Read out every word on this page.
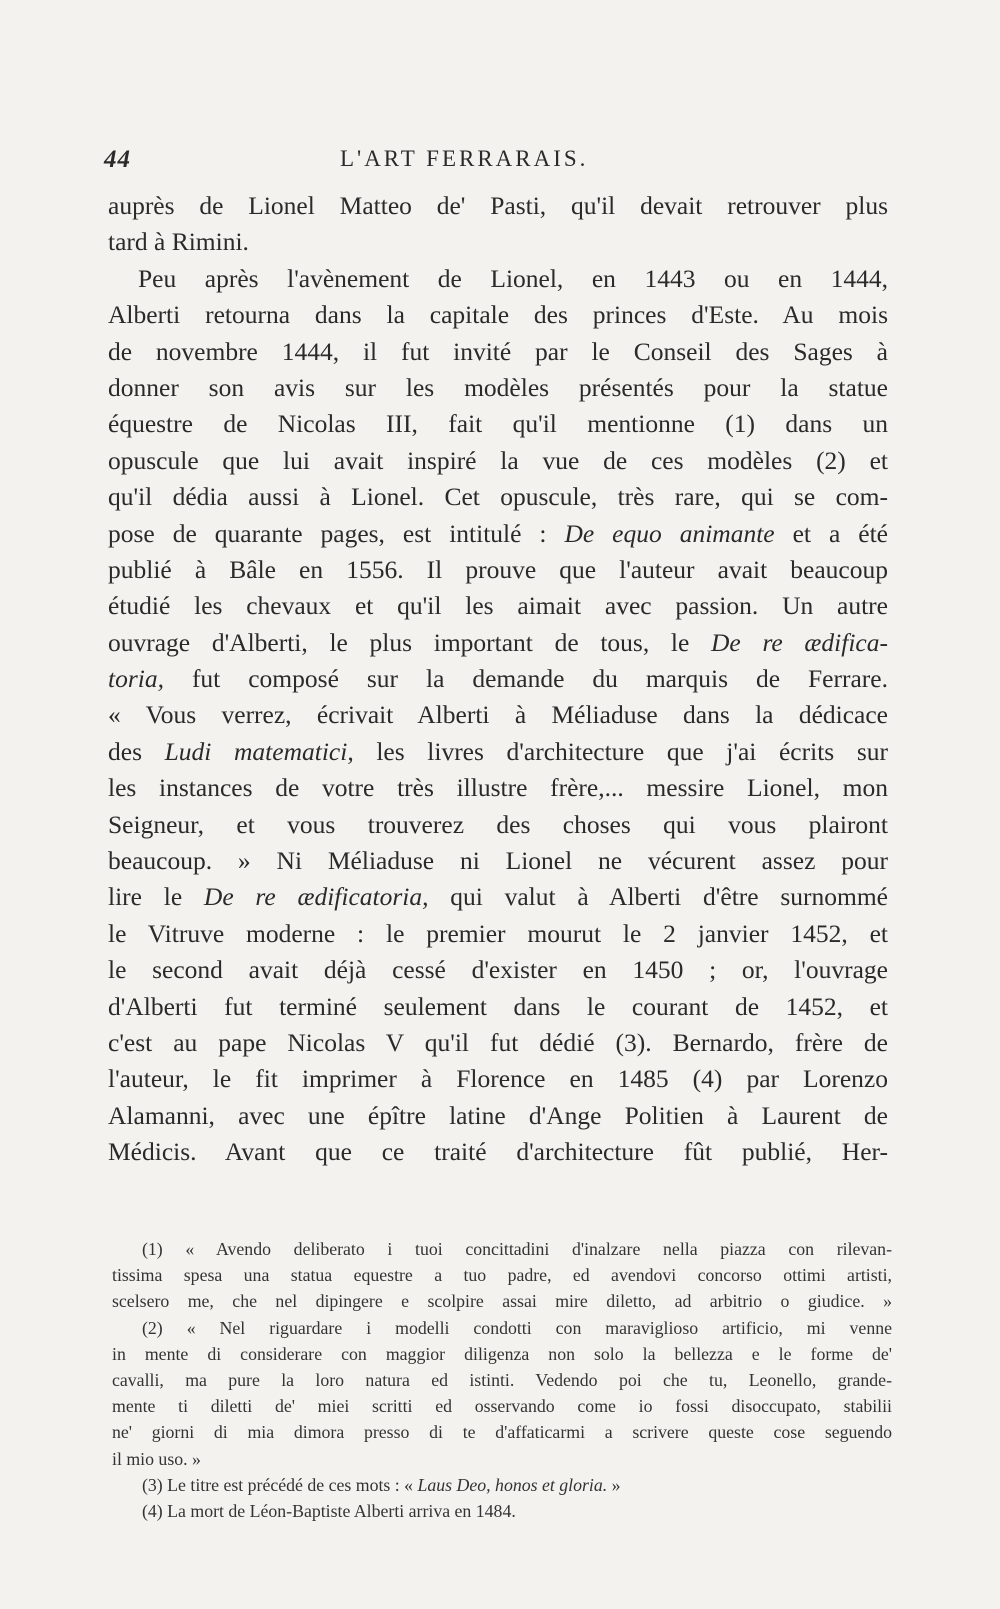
44	L'ART FERRARAIS.
auprès de Lionel Matteo de' Pasti, qu'il devait retrouver plus
tard à Rimini.
Peu après l'avènement de Lionel, en 1443 ou en 1444,
Alberti retourna dans la capitale des princes d'Este. Au mois
de novembre 1444, il fut invité par le Conseil des Sages à
donner son avis sur les modèles présentés pour la statue
équestre de Nicolas III, fait qu'il mentionne (1) dans un
opuscule que lui avait inspiré la vue de ces modèles (2) et
qu'il dédia aussi à Lionel. Cet opuscule, très rare, qui se com-
pose de quarante pages, est intitulé : De equo animante et a été
publié à Bâle en 1556. Il prouve que l'auteur avait beaucoup
étudié les chevaux et qu'il les aimait avec passion. Un autre
ouvrage d'Alberti, le plus important de tous, le De re ædifica-
toria, fut composé sur la demande du marquis de Ferrare.
« Vous verrez, écrivait Alberti à Méliaduse dans la dédicace
des Ludi matematici, les livres d'architecture que j'ai écrits sur
les instances de votre très illustre frère,... messire Lionel, mon
Seigneur, et vous trouverez des choses qui vous plairont
beaucoup. » Ni Méliaduse ni Lionel ne vécurent assez pour
lire le De re ædificatoria, qui valut à Alberti d'être surnommé
le Vitruve moderne : le premier mourut le 2 janvier 1452, et
le second avait déjà cessé d'exister en 1450 ; or, l'ouvrage
d'Alberti fut terminé seulement dans le courant de 1452, et
c'est au pape Nicolas V qu'il fut dédié (3). Bernardo, frère de
l'auteur, le fit imprimer à Florence en 1485 (4) par Lorenzo
Alamanni, avec une épître latine d'Ange Politien à Laurent de
Médicis. Avant que ce traité d'architecture fût publié, Her-
(1) « Avendo deliberato i tuoi concittadini d'inalzare nella piazza con rilevan-
tissima spesa una statua equestre a tuo padre, ed avendovi concorso ottimi artisti,
scelsero me, che nel dipingere e scolpire assai mire diletto, ad arbitrio o giudice. »
(2) « Nel riguardare i modelli condotti con maraviglioso artificio, mi venne
in mente di considerare con maggior diligenza non solo la bellezza e le forme de'
cavalli, ma pure la loro natura ed istinti. Vedendo poi che tu, Leonello, grande-
mente ti diletti de' miei scritti ed osservando come io fossi disoccupato, stabilii
ne' giorni di mia dimora presso di te d'affaticarmi a scrivere queste cose seguendo
il mio uso. »
(3) Le titre est précédé de ces mots : « Laus Deo, honos et gloria. »
(4) La mort de Léon-Baptiste Alberti arriva en 1484.
